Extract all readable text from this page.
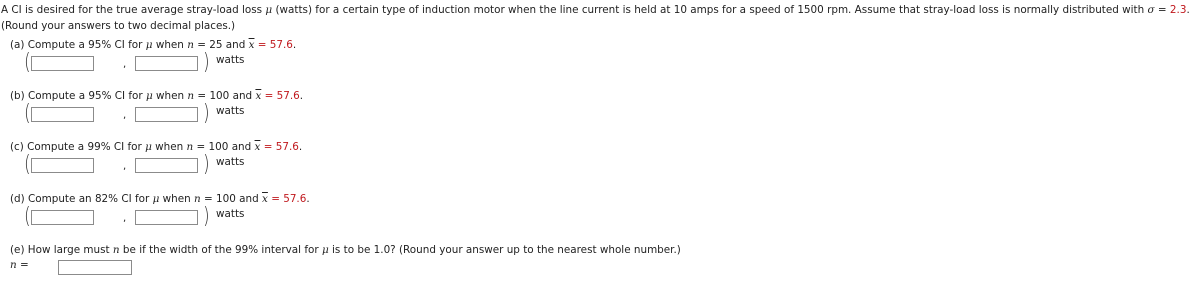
A CI is desired for the true average stray-load loss μ (watts) for a certain type of induction motor when the line current is held at 10 amps for a speed of 1500 rpm. Assume that stray-load loss is normally distributed with σ = 2.3. (Round your answers to two decimal places.)
(a) Compute a 95% CI for μ when n = 25 and $\overline{x} = 57.6$.
(	,	) watts
(b) Compute a 95% CI for μ when n = 100 and $\overline{x} = 57.6$.
(	,	) watts
(c) Compute a 99% CI for μ when n = 100 and $\overline{x} = 57.6$.
(	,	) watts
(d) Compute an 82% CI for μ when n = 100 and $\overline{x} = 57.6$.
(	,	) watts
(e) How large must n be if the width of the 99% interval for μ is to be 1.0? (Round your answer up to the nearest whole number.)
n =
